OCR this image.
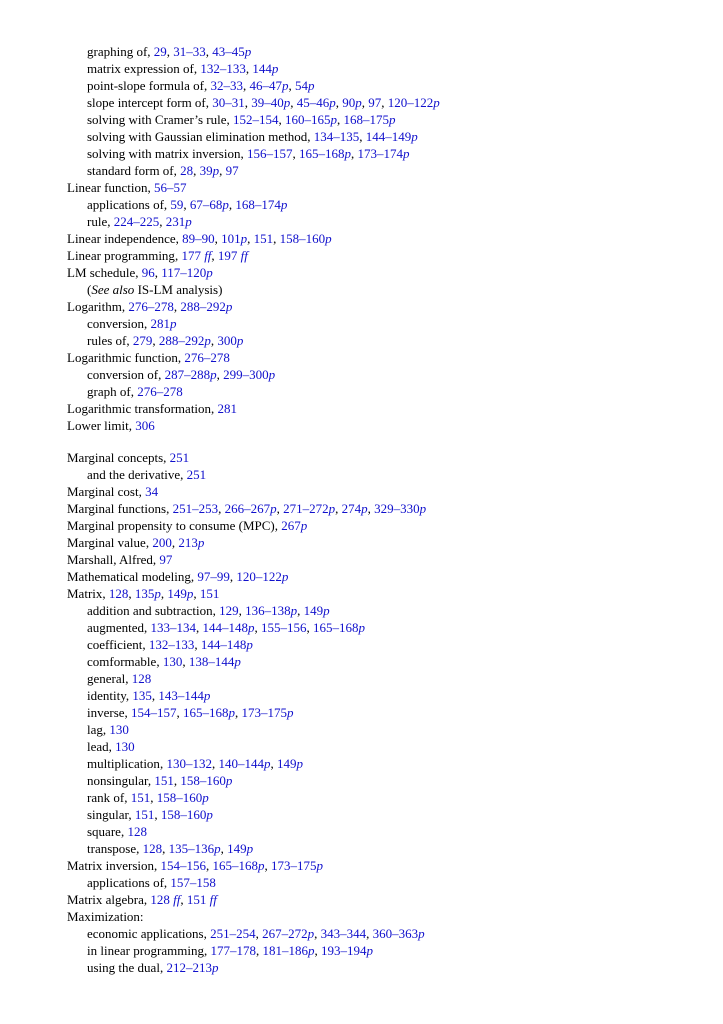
graphing of, 29, 31–33, 43–45p
matrix expression of, 132–133, 144p
point-slope formula of, 32–33, 46–47p, 54p
slope intercept form of, 30–31, 39–40p, 45–46p, 90p, 97, 120–122p
solving with Cramer’s rule, 152–154, 160–165p, 168–175p
solving with Gaussian elimination method, 134–135, 144–149p
solving with matrix inversion, 156–157, 165–168p, 173–174p
standard form of, 28, 39p, 97
Linear function, 56–57
applications of, 59, 67–68p, 168–174p
rule, 224–225, 231p
Linear independence, 89–90, 101p, 151, 158–160p
Linear programming, 177 ff, 197 ff
LM schedule, 96, 117–120p
(See also IS-LM analysis)
Logarithm, 276–278, 288–292p
conversion, 281p
rules of, 279, 288–292p, 300p
Logarithmic function, 276–278
conversion of, 287–288p, 299–300p
graph of, 276–278
Logarithmic transformation, 281
Lower limit, 306
Marginal concepts, 251
and the derivative, 251
Marginal cost, 34
Marginal functions, 251–253, 266–267p, 271–272p, 274p, 329–330p
Marginal propensity to consume (MPC), 267p
Marginal value, 200, 213p
Marshall, Alfred, 97
Mathematical modeling, 97–99, 120–122p
Matrix, 128, 135p, 149p, 151
addition and subtraction, 129, 136–138p, 149p
augmented, 133–134, 144–148p, 155–156, 165–168p
coefficient, 132–133, 144–148p
comformable, 130, 138–144p
general, 128
identity, 135, 143–144p
inverse, 154–157, 165–168p, 173–175p
lag, 130
lead, 130
multiplication, 130–132, 140–144p, 149p
nonsingular, 151, 158–160p
rank of, 151, 158–160p
singular, 151, 158–160p
square, 128
transpose, 128, 135–136p, 149p
Matrix inversion, 154–156, 165–168p, 173–175p
applications of, 157–158
Matrix algebra, 128 ff, 151 ff
Maximization:
economic applications, 251–254, 267–272p, 343–344, 360–363p
in linear programming, 177–178, 181–186p, 193–194p
using the dual, 212–213p
